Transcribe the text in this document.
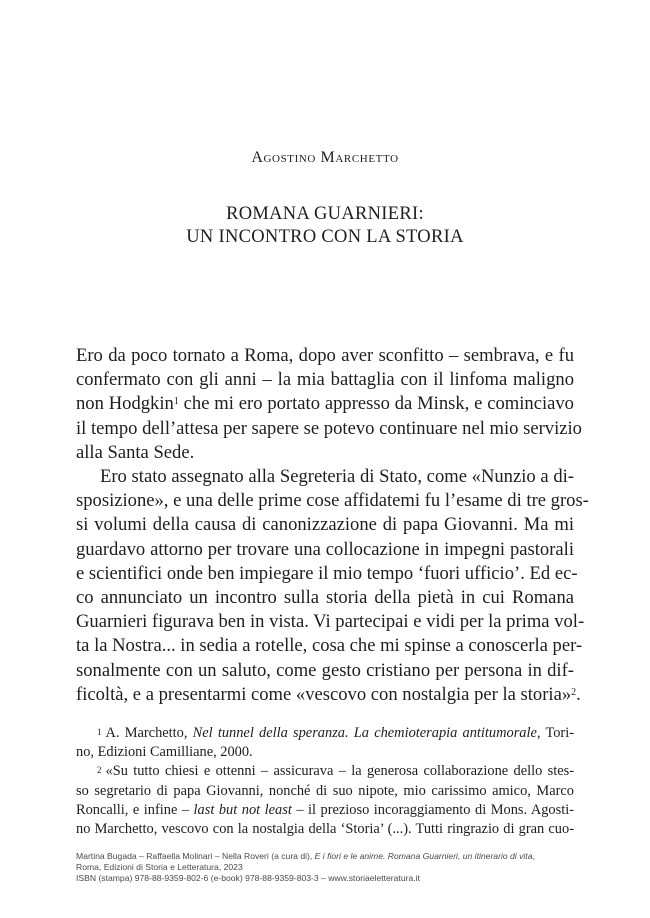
Agostino Marchetto
ROMANA GUARNIERI:
UN INCONTRO CON LA STORIA
Ero da poco tornato a Roma, dopo aver sconfitto – sembrava, e fu
confermato con gli anni – la mia battaglia con il linfoma maligno
non Hodgkin$^1$ che mi ero portato appresso da Minsk, e cominciavo
il tempo dell’attesa per sapere se potevo continuare nel mio servizio
alla Santa Sede.
Ero stato assegnato alla Segreteria di Stato, come «Nunzio a di-
sposizione», e una delle prime cose affidatemi fu l’esame di tre gros-
si volumi della causa di canonizzazione di papa Giovanni. Ma mi
guardavo attorno per trovare una collocazione in impegni pastorali
e scientifici onde ben impiegare il mio tempo ‘fuori ufficio’. Ed ec-
co annunciato un incontro sulla storia della pietà in cui Romana
Guarnieri figurava ben in vista. Vi partecipai e vidi per la prima vol-
ta la Nostra... in sedia a rotelle, cosa che mi spinse a conoscerla per-
sonalmente con un saluto, come gesto cristiano per persona in dif-
ficoltà, e a presentarmi come «vescovo con nostalgia per la storia»$^2$.
$^1$ A. Marchetto, Nel tunnel della speranza. La chemioterapia antitumorale, Tori-
no, Edizioni Camilliane, 2000.
$^2$ «Su tutto chiesi e ottenni – assicurava – la generosa collaborazione dello stes-
so segretario di papa Giovanni, nonché di suo nipote, mio carissimo amico, Marco
Roncalli, e infine – last but not least – il prezioso incoraggiamento di Mons. Agosti-
no Marchetto, vescovo con la nostalgia della ‘Storia’ (...). Tutti ringrazio di gran cuo-
Martina Bugada – Raffaella Molinari – Nella Roveri (a cura di), E i fiori e le anime. Romana Guarnieri, un itinerario di vita,
Roma, Edizioni di Storia e Letteratura, 2023
ISBN (stampa) 978-88-9359-802-6 (e-book) 978-88-9359-803-3 – www.storiaeletteratura.it
